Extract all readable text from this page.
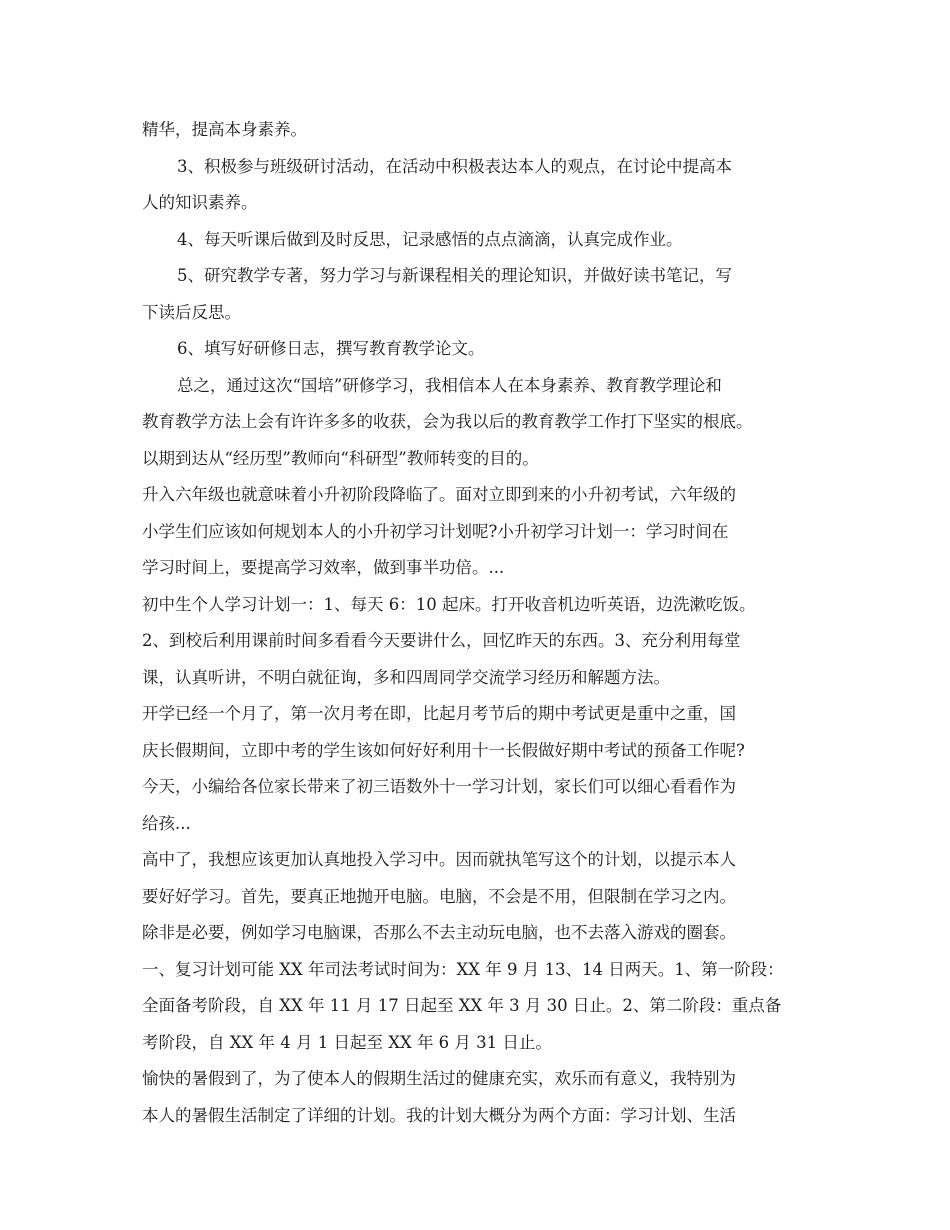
精华，提高本身素养。
3、积极参与班级研讨活动，在活动中积极表达本人的观点，在讨论中提高本
人的知识素养。
4、每天听课后做到及时反思，记录感悟的点点滴滴，认真完成作业。
5、研究教学专著，努力学习与新课程相关的理论知识，并做好读书笔记，写
下读后反思。
6、填写好研修日志，撰写教育教学论文。
总之，通过这次“国培”研修学习，我相信本人在本身素养、教育教学理论和
教育教学方法上会有许许多多的收获，会为我以后的教育教学工作打下坚实的根底。
以期到达从“经历型”教师向“科研型”教师转变的目的。
升入六年级也就意味着小升初阶段降临了。面对立即到来的小升初考试，六年级的
小学生们应该如何规划本人的小升初学习计划呢?小升初学习计划一：学习时间在
学习时间上，要提高学习效率，做到事半功倍。...
初中生个人学习计划一：1、每天 6：10 起床。打开收音机边听英语，边洗漱吃饭。
2、到校后利用课前时间多看看今天要讲什么，回忆昨天的东西。3、充分利用每堂
课，认真听讲，不明白就征询，多和四周同学交流学习经历和解题方法。
开学已经一个月了，第一次月考在即，比起月考节后的期中考试更是重中之重，国
庆长假期间，立即中考的学生该如何好好利用十一长假做好期中考试的预备工作呢?
今天，小编给各位家长带来了初三语数外十一学习计划，家长们可以细心看看作为
给孩...
高中了，我想应该更加认真地投入学习中。因而就执笔写这个的计划，以提示本人
要好好学习。首先，要真正地抛开电脑。电脑，不会是不用，但限制在学习之内。
除非是必要，例如学习电脑课，否那么不去主动玩电脑，也不去落入游戏的圈套。
一、复习计划可能 XX 年司法考试时间为：XX 年 9 月 13、14 日两天。1、第一阶段：
全面备考阶段，自 XX 年 11 月 17 日起至 XX 年 3 月 30 日止。2、第二阶段：重点备
考阶段，自 XX 年 4 月 1 日起至 XX 年 6 月 31 日止。
愉快的暑假到了，为了使本人的假期生活过的健康充实，欢乐而有意义，我特别为
本人的暑假生活制定了详细的计划。我的计划大概分为两个方面：学习计划、生活
